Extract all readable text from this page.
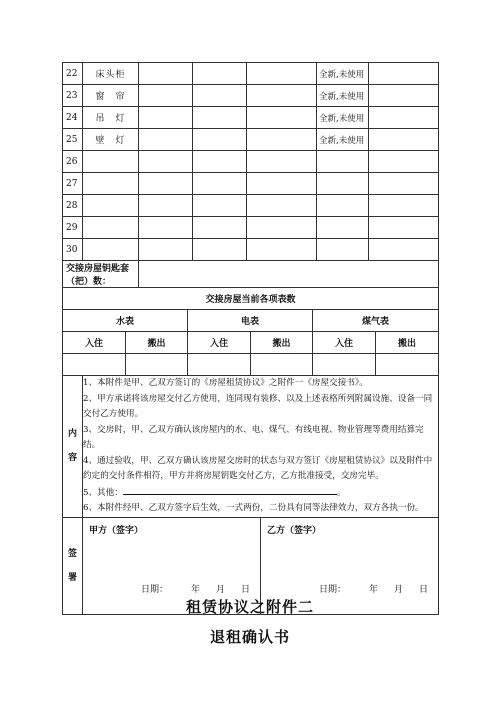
22	床头柜				全新,未使用	
23	窗　帘				全新,未使用	
24	吊　灯				全新,未使用	
25	壁　灯				全新,未使用	
26						
27						
28						
29						
30						
交接房屋钥匙套（把）数：						
交接房屋当前各项表数						
水表		电表		煤气表	
入住	搬出	入住	搬出	入住	搬出

内
容

1、本附件是甲、乙双方签订的《房屋租赁协议》之附件一《房屋交接书》。

2、甲方承诺将该房屋交付乙方使用，连同现有装修、以及上述表格所列附属设施、设备一同交付乙方使用。

3、交房时，甲、乙双方确认该房屋内的水、电、煤气、有线电视、物业管理等费用结算完结。

4、通过验收，甲、乙双方确认该房屋交房时的状态与双方签订《房屋租赁协议》以及附件中约定的交付条件相符，甲方并将房屋钥匙交付乙方，乙方批准接受，交房完毕。

5、其他：	。

6、本附件经甲、乙双方签字后生效，一式两份，二份具有同等法律效力，双方各执一份。

签
署

甲方（签字）
日期：	年 月 日

乙方（签字）
日期：	年 月 日
租赁协议之附件二
退租确认书
